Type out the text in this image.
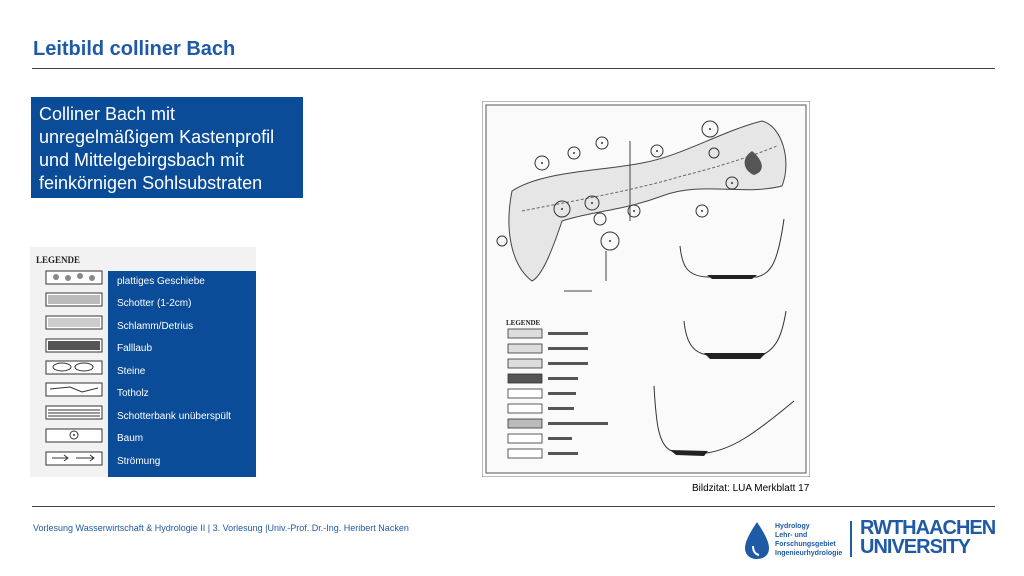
Leitbild colliner Bach
Colliner Bach mit unregelmäßigem Kastenprofil und Mittelgebirgsbach mit feinkörnigen Sohlsubstraten
LEGENDE
plattiges Geschiebe
Schotter (1-2cm)
Schlamm/Detrius
Falllaub
Steine
Totholz
Schotterbank unüberspült
Baum
Strömung
LEGENDE
Bildzitat: LUA Merkblatt 17
Vorlesung Wasserwirtschaft & Hydrologie II | 3. Vorlesung |Univ.-Prof. Dr.-Ing. Heribert Nacken	Hydrology
Lehr- und
Forschungsgebiet
Ingenieurhydrologie
RWTHAACHEN
UNIVERSITY
